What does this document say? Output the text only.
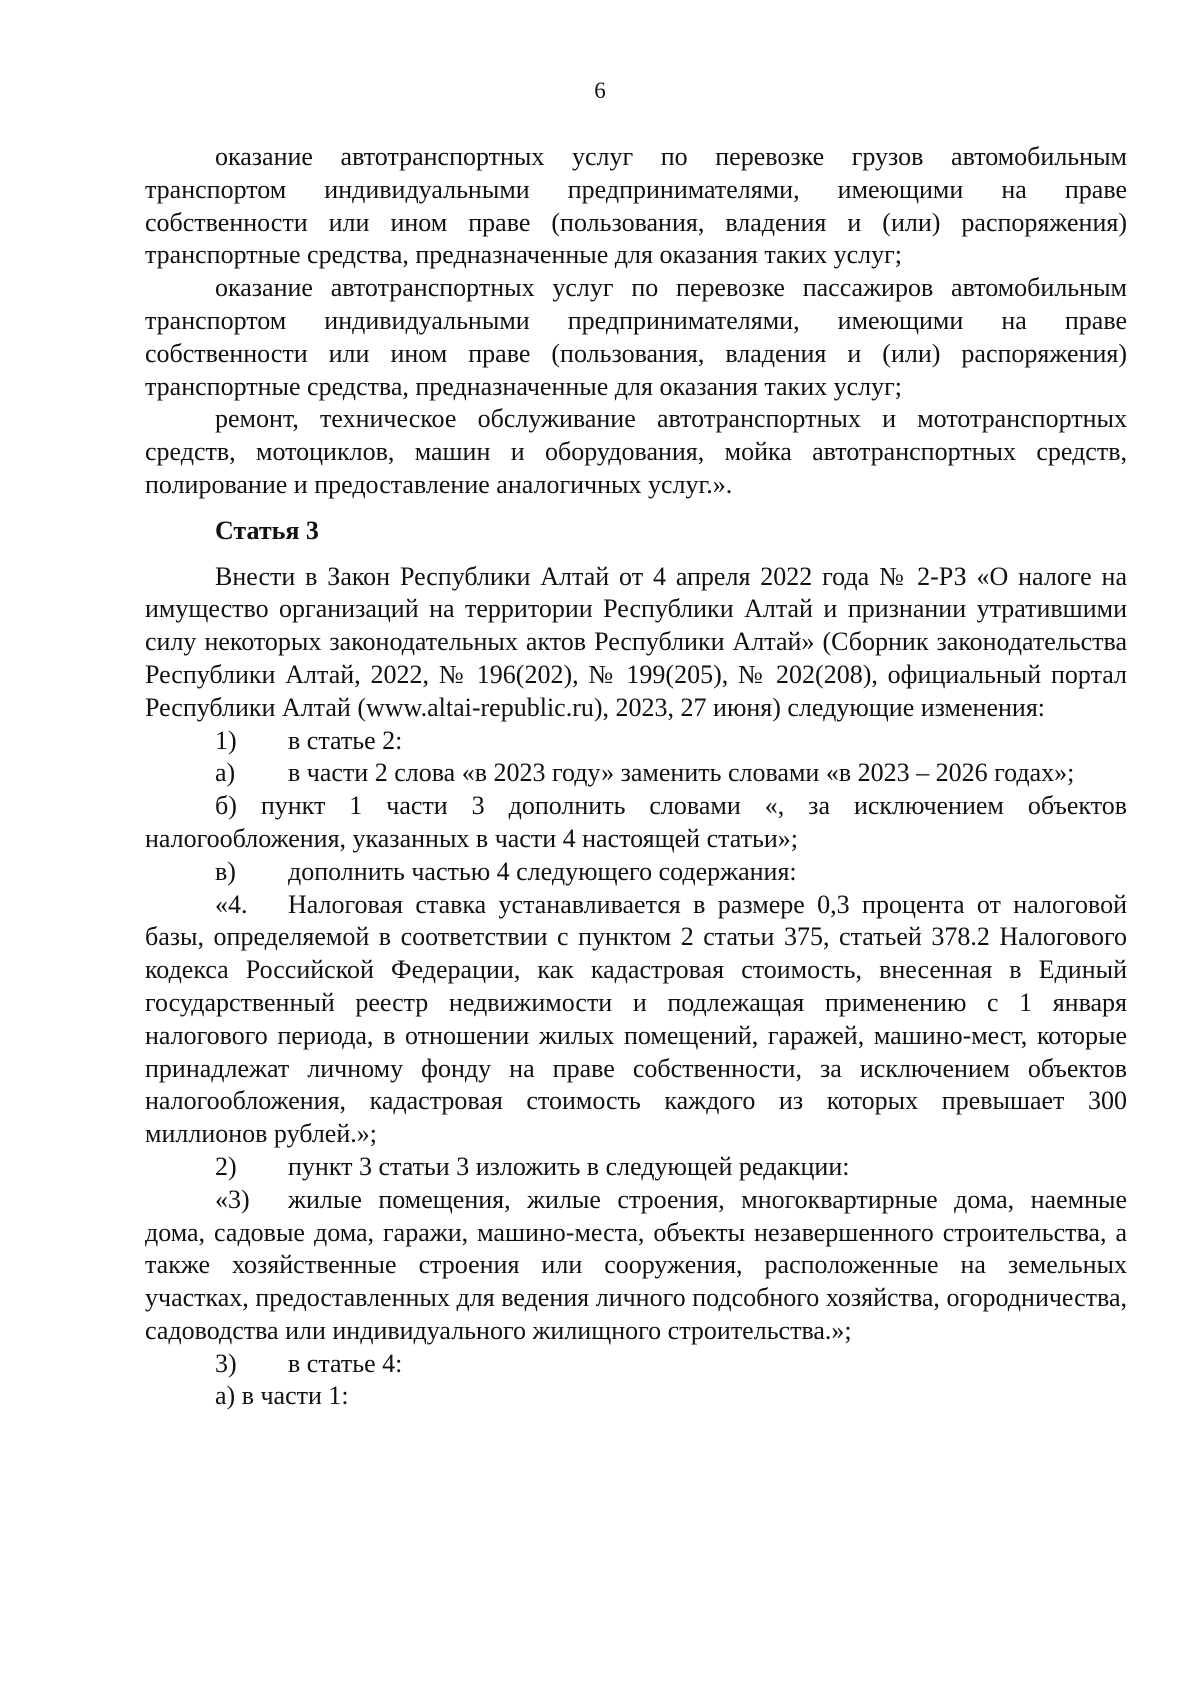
6

оказание автотранспортных услуг по перевозке грузов автомобильным транспортом индивидуальными предпринимателями, имеющими на праве собственности или ином праве (пользования, владения и (или) распоряжения) транспортные средства, предназначенные для оказания таких услуг;

оказание автотранспортных услуг по перевозке пассажиров автомобильным транспортом индивидуальными предпринимателями, имеющими на праве собственности или ином праве (пользования, владения и (или) распоряжения) транспортные средства, предназначенные для оказания таких услуг;

ремонт, техническое обслуживание автотранспортных и мототранспортных средств, мотоциклов, машин и оборудования, мойка автотранспортных средств, полирование и предоставление аналогичных услуг.».

Статья 3

Внести в Закон Республики Алтай от 4 апреля 2022 года № 2-РЗ «О налоге на имущество организаций на территории Республики Алтай и признании утратившими силу некоторых законодательных актов Республики Алтай» (Сборник законодательства Республики Алтай, 2022, № 196(202), № 199(205), № 202(208), официальный портал Республики Алтай (www.altai-republic.ru), 2023, 27 июня) следующие изменения:

1) в статье 2:

а) в части 2 слова «в 2023 году» заменить словами «в 2023 – 2026 годах»;

б) пункт 1 части 3 дополнить словами «, за исключением объектов налогообложения, указанных в части 4 настоящей статьи»;

в) дополнить частью 4 следующего содержания:

«4. Налоговая ставка устанавливается в размере 0,3 процента от налоговой базы, определяемой в соответствии с пунктом 2 статьи 375, статьей 378.2 Налогового кодекса Российской Федерации, как кадастровая стоимость, внесенная в Единый государственный реестр недвижимости и подлежащая применению с 1 января налогового периода, в отношении жилых помещений, гаражей, машино-мест, которые принадлежат личному фонду на праве собственности, за исключением объектов налогообложения, кадастровая стоимость каждого из которых превышает 300 миллионов рублей.»;

2) пункт 3 статьи 3 изложить в следующей редакции:

«3) жилые помещения, жилые строения, многоквартирные дома, наемные дома, садовые дома, гаражи, машино-места, объекты незавершенного строительства, а также хозяйственные строения или сооружения, расположенные на земельных участках, предоставленных для ведения личного подсобного хозяйства, огородничества, садоводства или индивидуального жилищного строительства.»;

3) в статье 4:

а) в части 1:
